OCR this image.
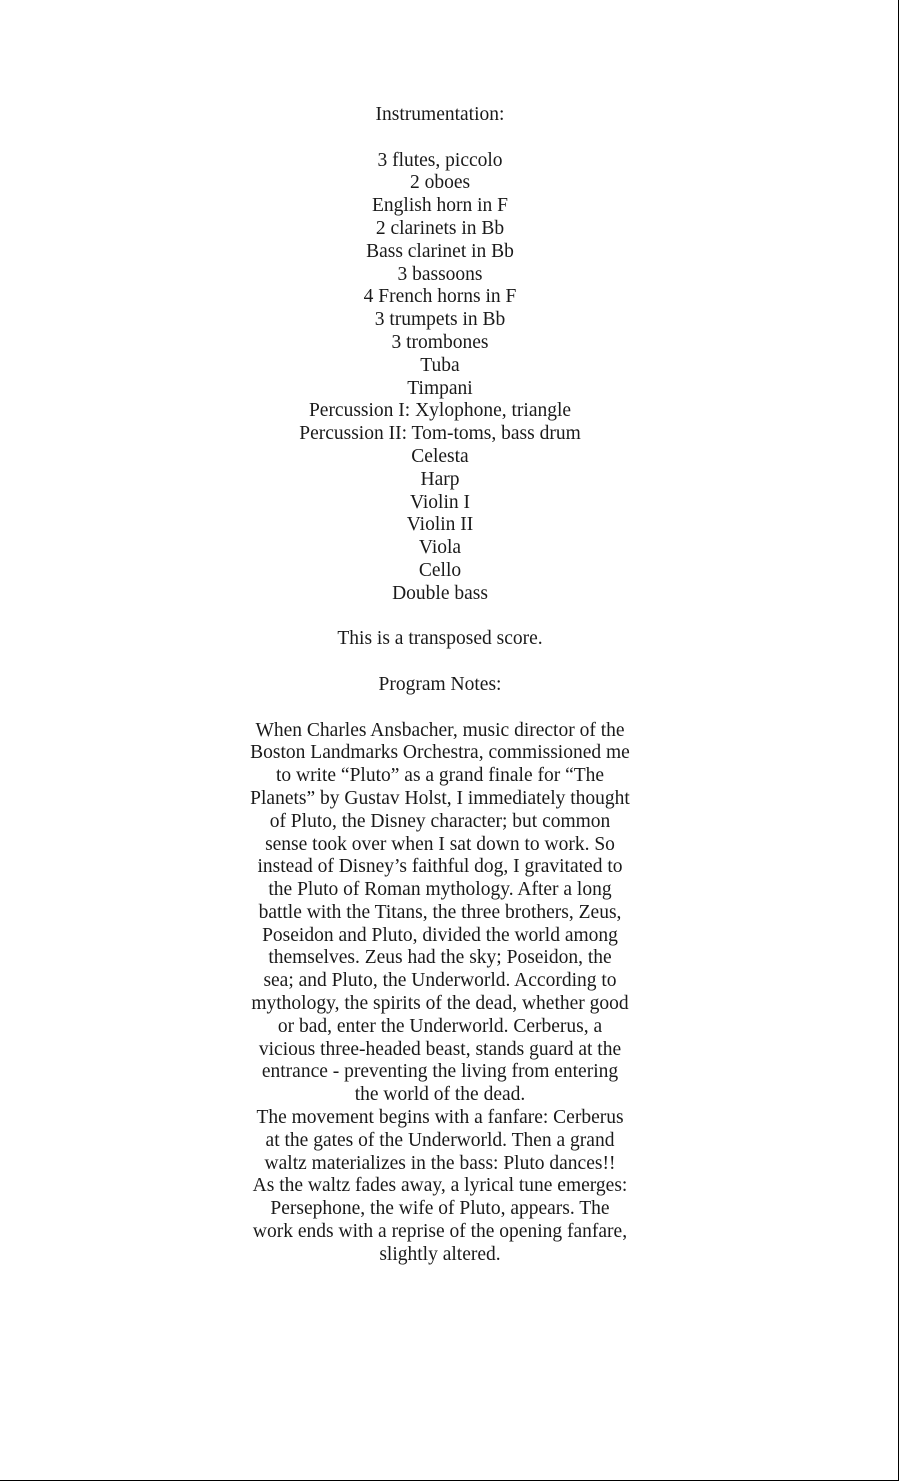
Instrumentation:

3 flutes, piccolo
2 oboes
English horn in F
2 clarinets in Bb
Bass clarinet in Bb
3 bassoons
4 French horns in F
3 trumpets in Bb
3 trombones
Tuba
Timpani
Percussion I: Xylophone, triangle
Percussion II: Tom-toms, bass drum
Celesta
Harp
Violin I
Violin II
Viola
Cello
Double bass

This is a transposed score.

Program Notes:

When Charles Ansbacher, music director of the
Boston Landmarks Orchestra, commissioned me
to write “Pluto” as a grand finale for “The
Planets” by Gustav Holst, I immediately thought
of Pluto, the Disney character; but common
sense took over when I sat down to work. So
instead of Disney’s faithful dog, I gravitated to
the Pluto of Roman mythology. After a long
battle with the Titans, the three brothers, Zeus,
Poseidon and Pluto, divided the world among
themselves. Zeus had the sky; Poseidon, the
sea; and Pluto, the Underworld. According to
mythology, the spirits of the dead, whether good
or bad, enter the Underworld. Cerberus, a
vicious three-headed beast, stands guard at the
entrance - preventing the living from entering
the world of the dead.
The movement begins with a fanfare: Cerberus
at the gates of the Underworld. Then a grand
waltz materializes in the bass: Pluto dances!!
As the waltz fades away, a lyrical tune emerges:
Persephone, the wife of Pluto, appears. The
work ends with a reprise of the opening fanfare,
slightly altered.
